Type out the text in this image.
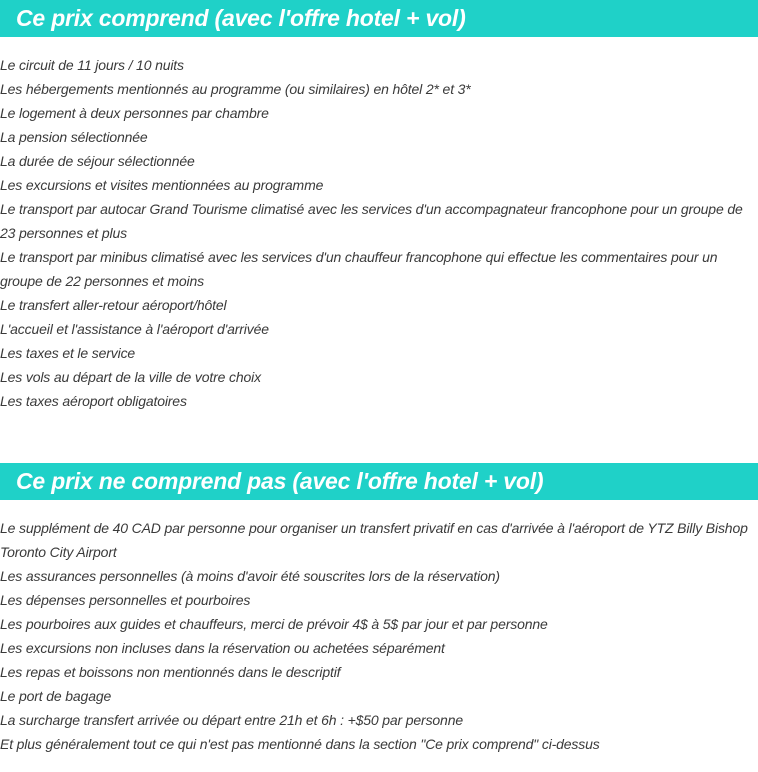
Ce prix comprend (avec l'offre hotel + vol)
Le circuit de 11 jours / 10 nuits
Les hébergements mentionnés au programme (ou similaires) en hôtel 2* et 3*
Le logement à deux personnes par chambre
La pension sélectionnée
La durée de séjour sélectionnée
Les excursions et visites mentionnées au programme
Le transport par autocar Grand Tourisme climatisé avec les services d'un accompagnateur francophone pour un groupe de 23 personnes et plus
Le transport par minibus climatisé avec les services d'un chauffeur francophone qui effectue les commentaires pour un groupe de 22 personnes et moins
Le transfert aller-retour aéroport/hôtel
L'accueil et l'assistance à l'aéroport d'arrivée
Les taxes et le service
Les vols au départ de la ville de votre choix
Les taxes aéroport obligatoires
Ce prix ne comprend pas (avec l'offre hotel + vol)
Le supplément de 40 CAD par personne pour organiser un transfert privatif en cas d'arrivée à l'aéroport de YTZ Billy Bishop Toronto City Airport
Les assurances personnelles (à moins d'avoir été souscrites lors de la réservation)
Les dépenses personnelles et pourboires
Les pourboires aux guides et chauffeurs, merci de prévoir 4$ à 5$ par jour et par personne
Les excursions non incluses dans la réservation ou achetées séparément
Les repas et boissons non mentionnés dans le descriptif
Le port de bagage
La surcharge transfert arrivée ou départ entre 21h et 6h : +$50 par personne
Et plus généralement tout ce qui n'est pas mentionné dans la section "Ce prix comprend" ci-dessus
